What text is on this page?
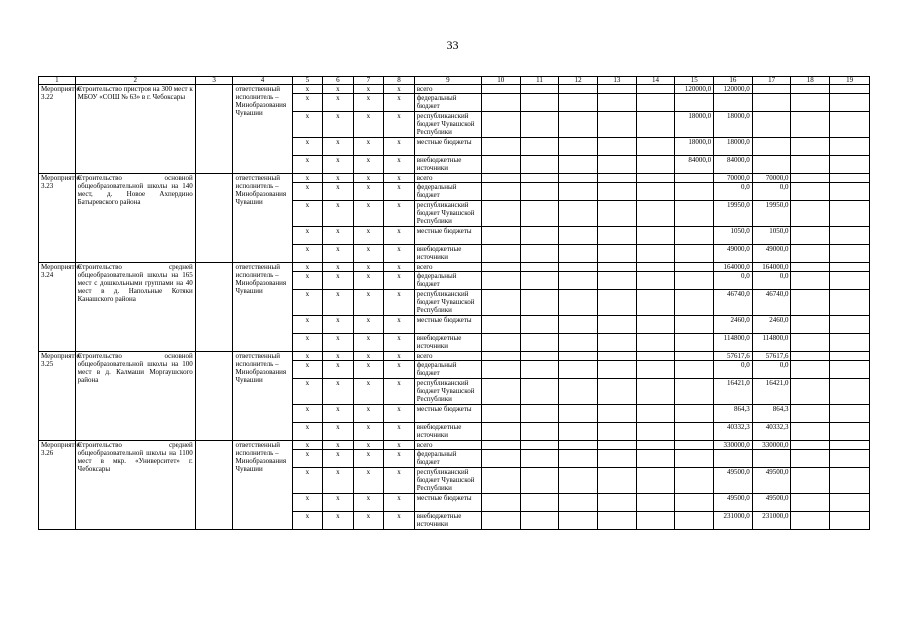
33
1	2	3	4	5	6	7	8	9	10	11	12	13	14	15	16	17	18	19
Мероприятие 3.22	Строительство пристроя на 300 мест к МБОУ «СОШ № 63» в г. Чебоксары		ответственный исполнитель – Минобразования Чувашии	х	х	х	х	всего						120000,0	120000,0			
				х	х	х	х	федеральный бюджет										
				х	х	х	х	республиканский бюджет Чувашской Республики						18000,0	18000,0			
				х	х	х	х	местные бюджеты						18000,0	18000,0			
				х	х	х	х	внебюджетные источники						84000,0	84000,0			
Мероприятие 3.23	Строительство основной общеобразовательной школы на 140 мест, д. Новое Ахпердино Батыревского района		ответственный исполнитель – Минобразования Чувашии	х	х	х	х	всего							70000,0	70000,0		
				х	х	х	х	федеральный бюджет							0,0	0,0		
				х	х	х	х	республиканский бюджет Чувашской Республики							19950,0	19950,0		
				х	х	х	х	местные бюджеты							1050,0	1050,0		
				х	х	х	х	внебюджетные источники							49000,0	49000,0		
Мероприятие 3.24	Строительство средней общеобразовательной школы на 165 мест с дошкольными группами на 40 мест в д. Напольные Котяки Канашского района		ответственный исполнитель – Минобразования Чувашии	х	х	х	х	всего							164000,0	164000,0		
				х	х	х	х	федеральный бюджет							0,0	0,0		
				х	х	х	х	республиканский бюджет Чувашской Республики							46740,0	46740,0		
				х	х	х	х	местные бюджеты							2460,0	2460,0		
				х	х	х	х	внебюджетные источники							114800,0	114800,0		
Мероприятие 3.25	Строительство основной общеобразовательной школы на 100 мест в д. Калмаши Моргаушского района		ответственный исполнитель – Минобразования Чувашии	х	х	х	х	всего							57617,6	57617,6		
				х	х	х	х	федеральный бюджет							0,0	0,0		
				х	х	х	х	республиканский бюджет Чувашской Республики							16421,0	16421,0		
				х	х	х	х	местные бюджеты							864,3	864,3		
				х	х	х	х	внебюджетные источники							40332,3	40332,3		
Мероприятие 3.26	Строительство средней общеобразовательной школы на 1100 мест в мкр. «Университет» г. Чебоксары		ответственный исполнитель – Минобразования Чувашии	х	х	х	х	всего							330000,0	330000,0		
				х	х	х	х	федеральный бюджет										
				х	х	х	х	республиканский бюджет Чувашской Республики							49500,0	49500,0		
				х	х	х	х	местные бюджеты							49500,0	49500,0		
				х	х	х	х	внебюджетные источники							231000,0	231000,0		
